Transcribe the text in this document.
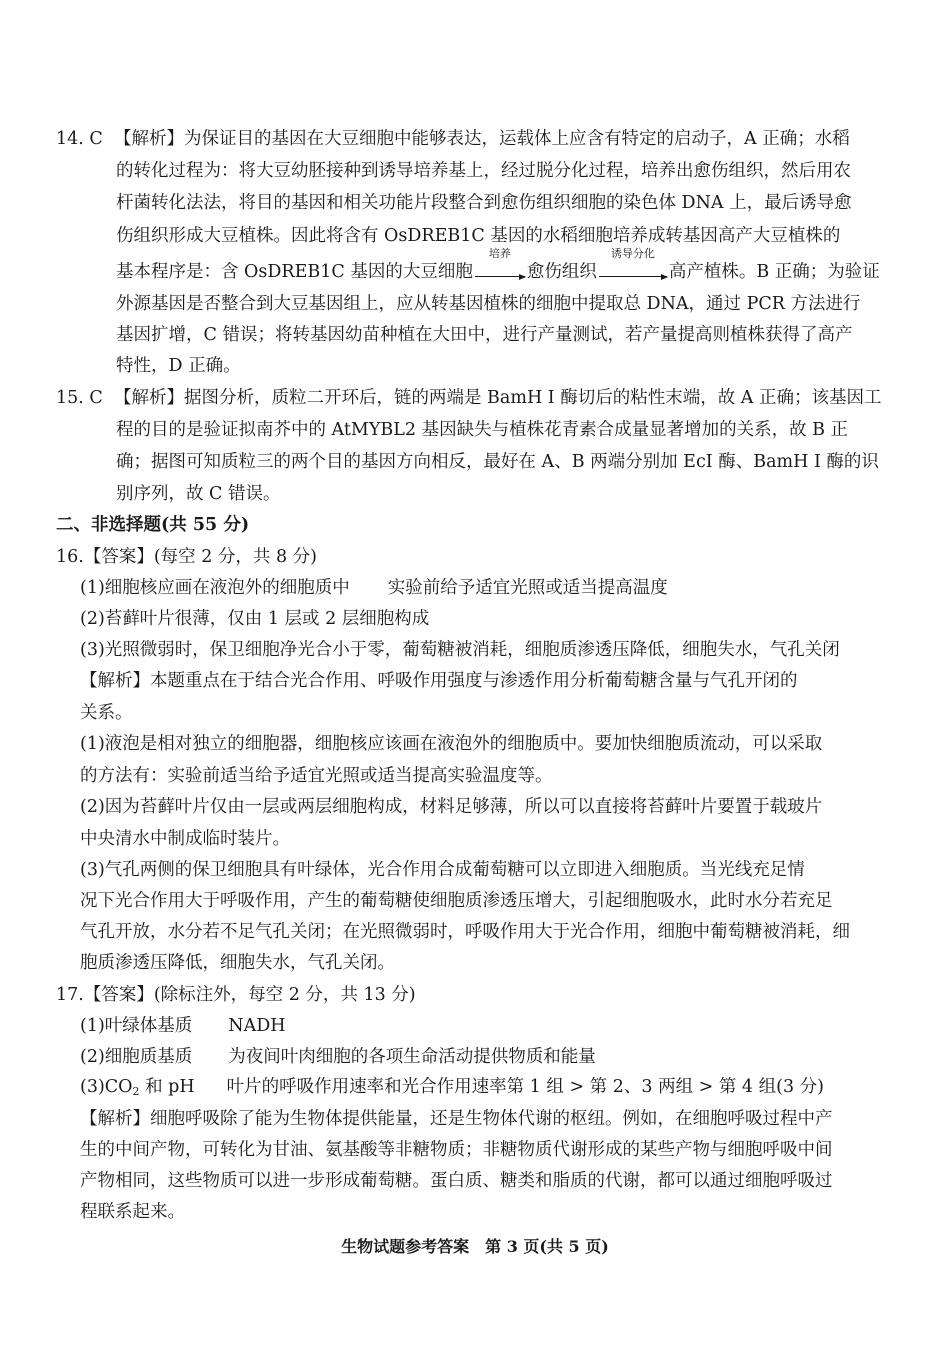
14. C 【解析】为保证目的基因在大豆细胞中能够表达，运载体上应含有特定的启动子，A 正确；水稻
的转化过程为：将大豆幼胚接种到诱导培养基上，经过脱分化过程，培养出愈伤组织，然后用农
杆菌转化法法，将目的基因和相关功能片段整合到愈伤组织细胞的染色体 DNA 上，最后诱导愈
伤组织形成大豆植株。因此将含有 OsDREB1C 基因的水稻细胞培养成转基因高产大豆植株的
基本程序是：含 OsDREB1C 基因的大豆细胞
培养
愈伤组织
诱导分化
高产植株。B 正确；为验证
外源基因是否整合到大豆基因组上，应从转基因植株的细胞中提取总 DNA，通过 PCR 方法进行
基因扩增，C 错误；将转基因幼苗种植在大田中，进行产量测试，若产量提高则植株获得了高产
特性，D 正确。
15. C 【解析】据图分析，质粒二开环后，链的两端是 BamH Ⅰ 酶切后的粘性末端，故 A 正确；该基因工
程的目的是验证拟南芥中的 AtMYBL2 基因缺失与植株花青素合成量显著增加的关系，故 B 正
确；据图可知质粒三的两个目的基因方向相反，最好在 A、B 两端分别加 EcI 酶、BamH Ⅰ 酶的识
别序列，故 C 错误。
二、非选择题(共 55 分)
16.【答案】(每空 2 分，共 8 分)
(1)细胞核应画在液泡外的细胞质中 实验前给予适宜光照或适当提高温度
(2)苔藓叶片很薄，仅由 1 层或 2 层细胞构成
(3)光照微弱时，保卫细胞净光合小于零，葡萄糖被消耗，细胞质渗透压降低，细胞失水，气孔关闭
【解析】本题重点在于结合光合作用、呼吸作用强度与渗透作用分析葡萄糖含量与气孔开闭的
关系。
(1)液泡是相对独立的细胞器，细胞核应该画在液泡外的细胞质中。要加快细胞质流动，可以采取
的方法有：实验前适当给予适宜光照或适当提高实验温度等。
(2)因为苔藓叶片仅由一层或两层细胞构成，材料足够薄，所以可以直接将苔藓叶片要置于载玻片
中央清水中制成临时装片。
(3)气孔两侧的保卫细胞具有叶绿体，光合作用合成葡萄糖可以立即进入细胞质。当光线充足情
况下光合作用大于呼吸作用，产生的葡萄糖使细胞质渗透压增大，引起细胞吸水，此时水分若充足
气孔开放，水分若不足气孔关闭；在光照微弱时，呼吸作用大于光合作用，细胞中葡萄糖被消耗，细
胞质渗透压降低，细胞失水，气孔关闭。
17.【答案】(除标注外，每空 2 分，共 13 分)
(1)叶绿体基质 NADH
(2)细胞质基质 为夜间叶肉细胞的各项生命活动提供物质和能量
$(3)CO_2$ 和 pH 叶片的呼吸作用速率和光合作用速率第 1 组 > 第 2、3 两组 > 第 4 组(3 分)
【解析】细胞呼吸除了能为生物体提供能量，还是生物体代谢的枢纽。例如，在细胞呼吸过程中产
生的中间产物，可转化为甘油、氨基酸等非糖物质；非糖物质代谢形成的某些产物与细胞呼吸中间
产物相同，这些物质可以进一步形成葡萄糖。蛋白质、糖类和脂质的代谢，都可以通过细胞呼吸过
程联系起来。
生物试题参考答案　第 3 页(共 5 页)
